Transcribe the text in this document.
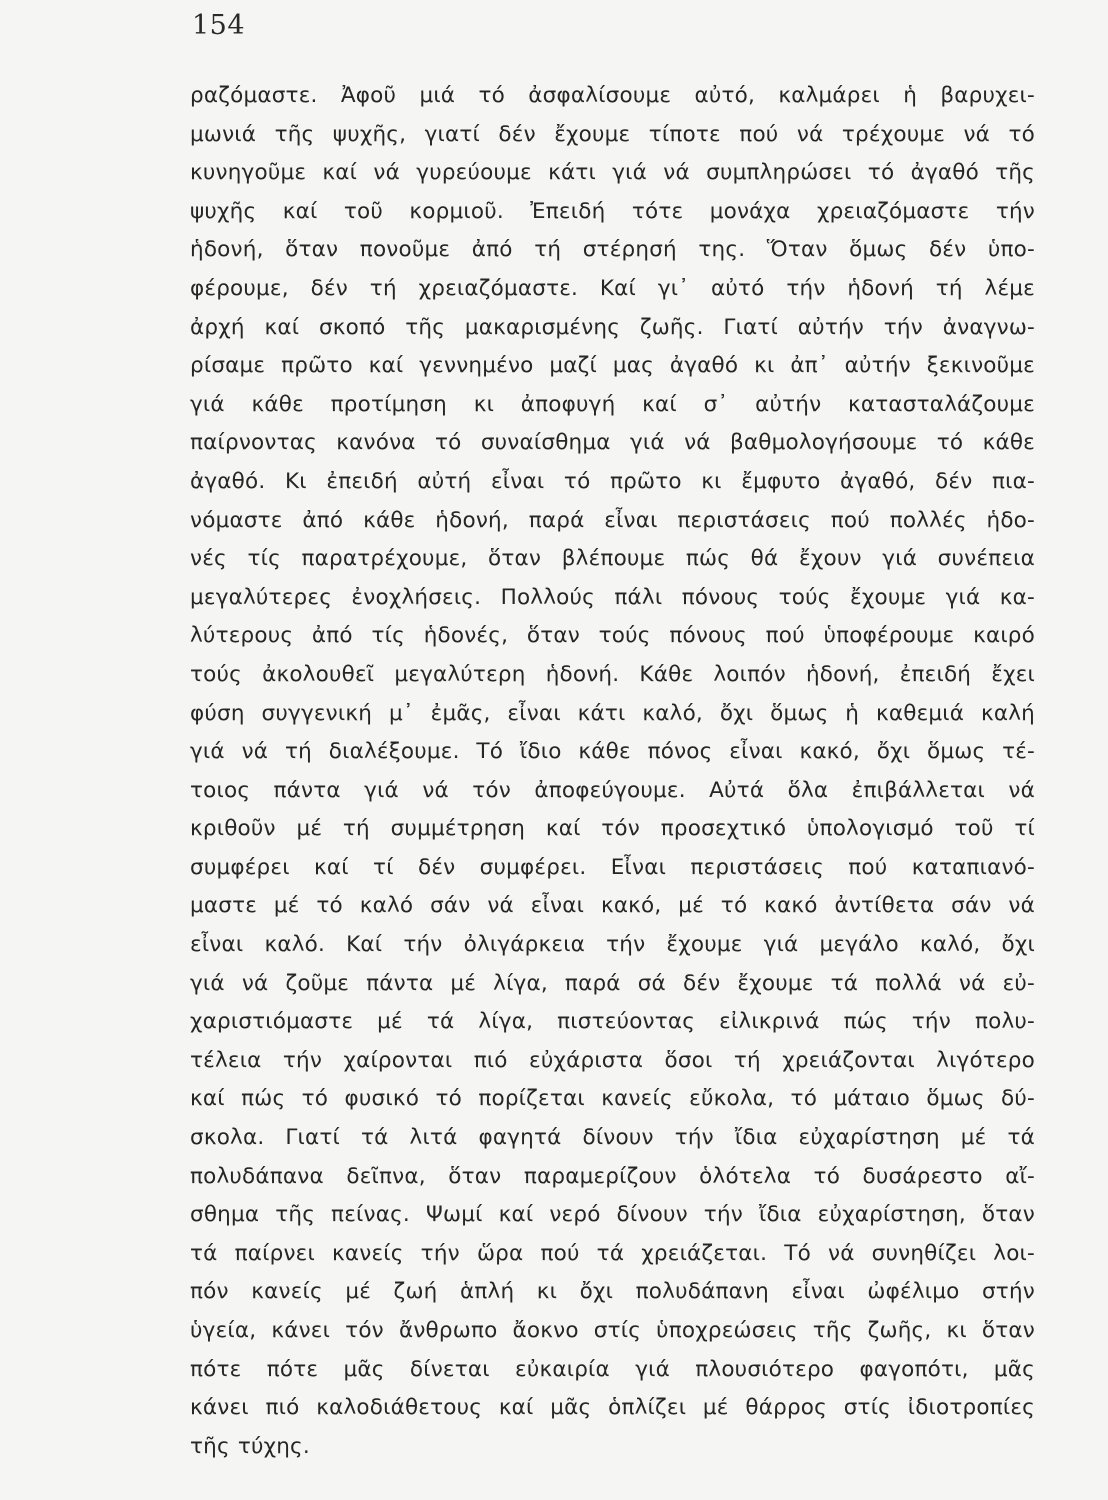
154
ραζόμαστε. Ἀφοῦ μιά τό ἀσφαλίσουμε αὐτό, καλμάρει ἡ βαρυχει-
μωνιά τῆς ψυχῆς, γιατί δέν ἔχουμε τίποτε πού νά τρέχουμε νά τό
κυνηγοῦμε καί νά γυρεύουμε κάτι γιά νά συμπληρώσει τό ἀγαθό τῆς
ψυχῆς καί τοῦ κορμιοῦ. Ἐπειδή τότε μονάχα χρειαζόμαστε τήν
ἡδονή, ὅταν πονοῦμε ἀπό τή στέρησή της. Ὅταν ὅμως δέν ὑπο-
φέρουμε, δέν τή χρειαζόμαστε. Καί γι᾽ αὐτό τήν ἡδονή τή λέμε
ἀρχή καί σκοπό τῆς μακαρισμένης ζωῆς. Γιατί αὐτήν τήν ἀναγνω-
ρίσαμε πρῶτο καί γεννημένο μαζί μας ἀγαθό κι ἀπ᾽ αὐτήν ξεκινοῦμε
γιά κάθε προτίμηση κι ἀποφυγή καί σ᾽ αὐτήν κατασταλάζουμε
παίρνοντας κανόνα τό συναίσθημα γιά νά βαθμολογήσουμε τό κάθε
ἀγαθό. Κι ἐπειδή αὐτή εἶναι τό πρῶτο κι ἔμφυτο ἀγαθό, δέν πια-
νόμαστε ἀπό κάθε ἡδονή, παρά εἶναι περιστάσεις πού πολλές ἡδο-
νές τίς παρατρέχουμε, ὅταν βλέπουμε πώς θά ἔχουν γιά συνέπεια
μεγαλύτερες ἐνοχλήσεις. Πολλούς πάλι πόνους τούς ἔχουμε γιά κα-
λύτερους ἀπό τίς ἡδονές, ὅταν τούς πόνους πού ὑποφέρουμε καιρό
τούς ἀκολουθεῖ μεγαλύτερη ἡδονή. Κάθε λοιπόν ἡδονή, ἐπειδή ἔχει
φύση συγγενική μ᾽ ἐμᾶς, εἶναι κάτι καλό, ὄχι ὅμως ἡ καθεμιά καλή
γιά νά τή διαλέξουμε. Τό ἴδιο κάθε πόνος εἶναι κακό, ὄχι ὅμως τέ-
τοιος πάντα γιά νά τόν ἀποφεύγουμε. Αὐτά ὅλα ἐπιβάλλεται νά
κριθοῦν μέ τή συμμέτρηση καί τόν προσεχτικό ὑπολογισμό τοῦ τί
συμφέρει καί τί δέν συμφέρει. Εἶναι περιστάσεις πού καταπιανό-
μαστε μέ τό καλό σάν νά εἶναι κακό, μέ τό κακό ἀντίθετα σάν νά
εἶναι καλό. Καί τήν ὀλιγάρκεια τήν ἔχουμε γιά μεγάλο καλό, ὄχι
γιά νά ζοῦμε πάντα μέ λίγα, παρά σά δέν ἔχουμε τά πολλά νά εὐ-
χαριστιόμαστε μέ τά λίγα, πιστεύοντας εἰλικρινά πώς τήν πολυ-
τέλεια τήν χαίρονται πιό εὐχάριστα ὅσοι τή χρειάζονται λιγότερο
καί πώς τό φυσικό τό πορίζεται κανείς εὔκολα, τό μάταιο ὅμως δύ-
σκολα. Γιατί τά λιτά φαγητά δίνουν τήν ἴδια εὐχαρίστηση μέ τά
πολυδάπανα δεῖπνα, ὅταν παραμερίζουν ὁλότελα τό δυσάρεστο αἴ-
σθημα τῆς πείνας. Ψωμί καί νερό δίνουν τήν ἴδια εὐχαρίστηση, ὅταν
τά παίρνει κανείς τήν ὥρα πού τά χρειάζεται. Τό νά συνηθίζει λοι-
πόν κανείς μέ ζωή ἁπλή κι ὄχι πολυδάπανη εἶναι ὠφέλιμο στήν
ὑγεία, κάνει τόν ἄνθρωπο ἄοκνο στίς ὑποχρεώσεις τῆς ζωῆς, κι ὅταν
πότε πότε μᾶς δίνεται εὐκαιρία γιά πλουσιότερο φαγοπότι, μᾶς
κάνει πιό καλοδιάθετους καί μᾶς ὁπλίζει μέ θάρρος στίς ἰδιοτροπίες
τῆς τύχης.
